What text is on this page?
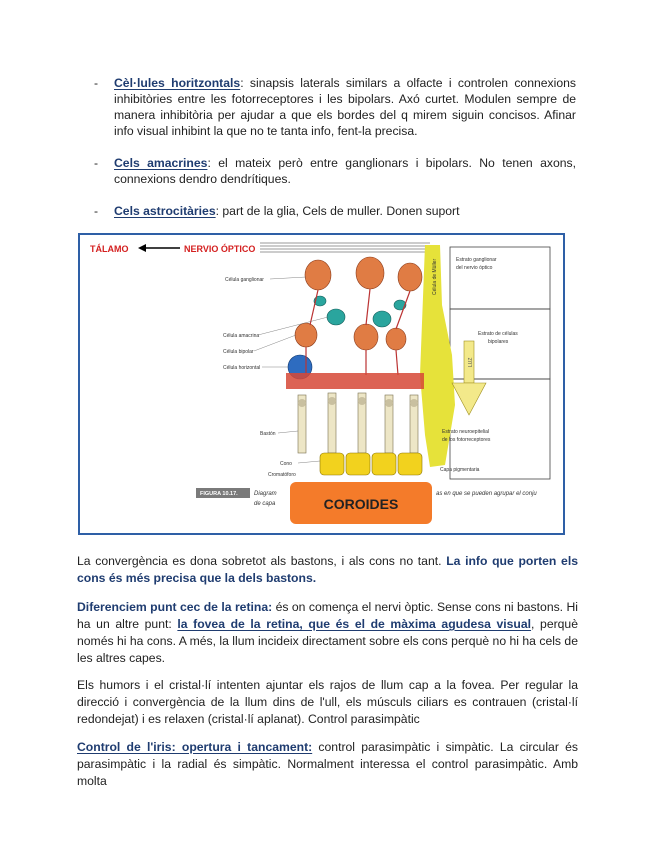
- Cèl·lules horitzontals: sinapsis laterals similars a olfacte i controlen connexions inhibitòries entre les fotorreceptores i les bipolars. Axó curtet. Modulen sempre de manera inhibitòria per ajudar a que els bordes del q mirem siguin concisos. Afinar info visual inhibint la que no te tanta info, fent-la precisa.
- Cels amacrines: el mateix però entre ganglionars i bipolars. No tenen axons, connexions dendro dendrítiques.
- Cels astrocitàries: part de la glia, Cels de muller. Donen suport
TÁLAMO	NERVIO ÓPTICO
Célula de Müller
LUZ
Célula ganglionar
Célula amacrina
Célula bipolar
Célula horizontal
Bastón
Cono
Cromatóforo
Estrato ganglionar del nervio óptico
Estrato de células bipolares
Estrato neuroepitelial de los fotorreceptores
Capa pigmentaria
FIGURA 10.17.	Diagram
de capa
as en que se pueden agrupar el conju
COROIDES
La convergència es dona sobretot als bastons, i als cons no tant. La info que porten els cons és més precisa que la dels bastons.
Diferenciem punt cec de la retina: és on comença el nervi òptic. Sense cons ni bastons. Hi ha un altre punt: la fovea de la retina, que és el de màxima agudesa visual, perquè només hi ha cons. A més, la llum incideix directament sobre els cons perquè no hi ha cels de les altres capes.
Els humors i el cristal·lí intenten ajuntar els rajos de llum cap a la fovea. Per regular la direcció i convergència de la llum dins de l'ull, els músculs ciliars es contrauen (cristal·lí redondejat) i es relaxen (cristal·lí aplanat). Control parasimpàtic
Control de l'iris: opertura i tancament: control parasimpàtic i simpàtic. La circular és parasimpàtic i la radial és simpàtic. Normalment interessa el control parasimpàtic. Amb molta
